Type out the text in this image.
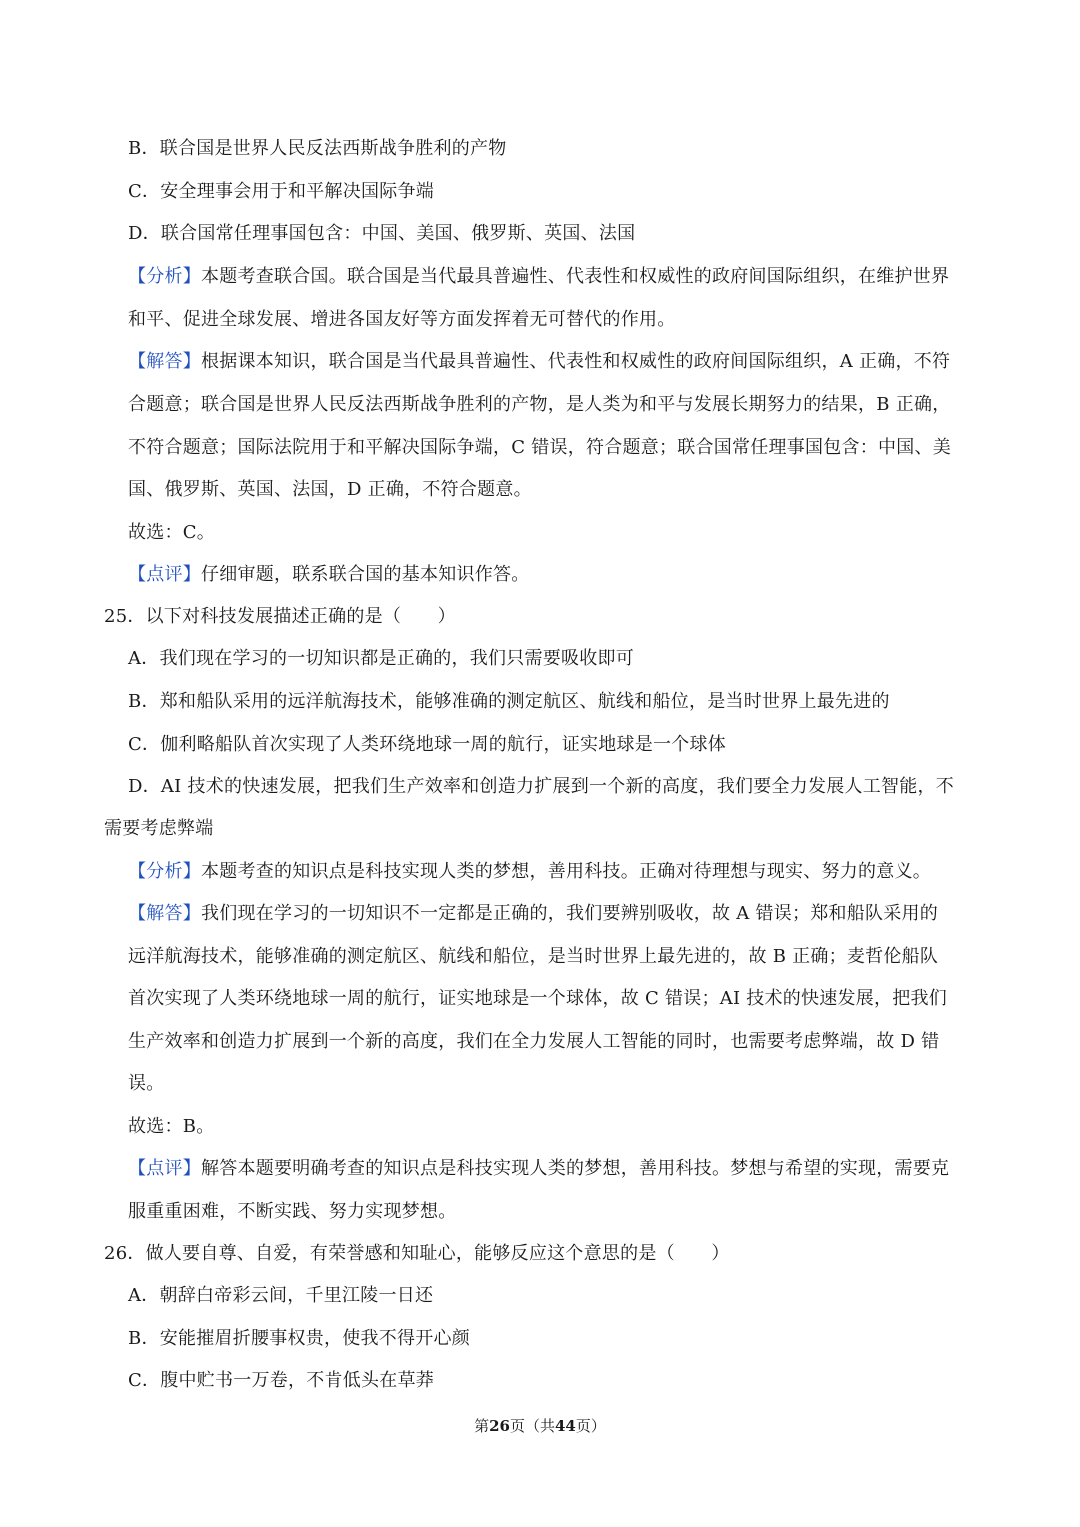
B．联合国是世界人民反法西斯战争胜利的产物
C．安全理事会用于和平解决国际争端
D．联合国常任理事国包含：中国、美国、俄罗斯、英国、法国
【分析】本题考查联合国。联合国是当代最具普遍性、代表性和权威性的政府间国际组织，在维护世界
和平、促进全球发展、增进各国友好等方面发挥着无可替代的作用。
【解答】根据课本知识，联合国是当代最具普遍性、代表性和权威性的政府间国际组织，A 正确，不符
合题意；联合国是世界人民反法西斯战争胜利的产物，是人类为和平与发展长期努力的结果，B 正确，
不符合题意；国际法院用于和平解决国际争端，C 错误，符合题意；联合国常任理事国包含：中国、美
国、俄罗斯、英国、法国，D 正确，不符合题意。
故选：C。
【点评】仔细审题，联系联合国的基本知识作答。
25．以下对科技发展描述正确的是（　　）
A．我们现在学习的一切知识都是正确的，我们只需要吸收即可
B．郑和船队采用的远洋航海技术，能够准确的测定航区、航线和船位，是当时世界上最先进的
C．伽利略船队首次实现了人类环绕地球一周的航行，证实地球是一个球体
D．AI 技术的快速发展，把我们生产效率和创造力扩展到一个新的高度，我们要全力发展人工智能，不
需要考虑弊端
【分析】本题考查的知识点是科技实现人类的梦想，善用科技。正确对待理想与现实、努力的意义。
【解答】我们现在学习的一切知识不一定都是正确的，我们要辨别吸收，故 A 错误；郑和船队采用的
远洋航海技术，能够准确的测定航区、航线和船位，是当时世界上最先进的，故 B 正确；麦哲伦船队
首次实现了人类环绕地球一周的航行，证实地球是一个球体，故 C 错误；AI 技术的快速发展，把我们
生产效率和创造力扩展到一个新的高度，我们在全力发展人工智能的同时，也需要考虑弊端，故 D 错
误。
故选：B。
【点评】解答本题要明确考查的知识点是科技实现人类的梦想，善用科技。梦想与希望的实现，需要克
服重重困难，不断实践、努力实现梦想。
26．做人要自尊、自爱，有荣誉感和知耻心，能够反应这个意思的是（　　）
A．朝辞白帝彩云间，千里江陵一日还
B．安能摧眉折腰事权贵，使我不得开心颜
C．腹中贮书一万卷，不肯低头在草莽
第26页（共44页）
